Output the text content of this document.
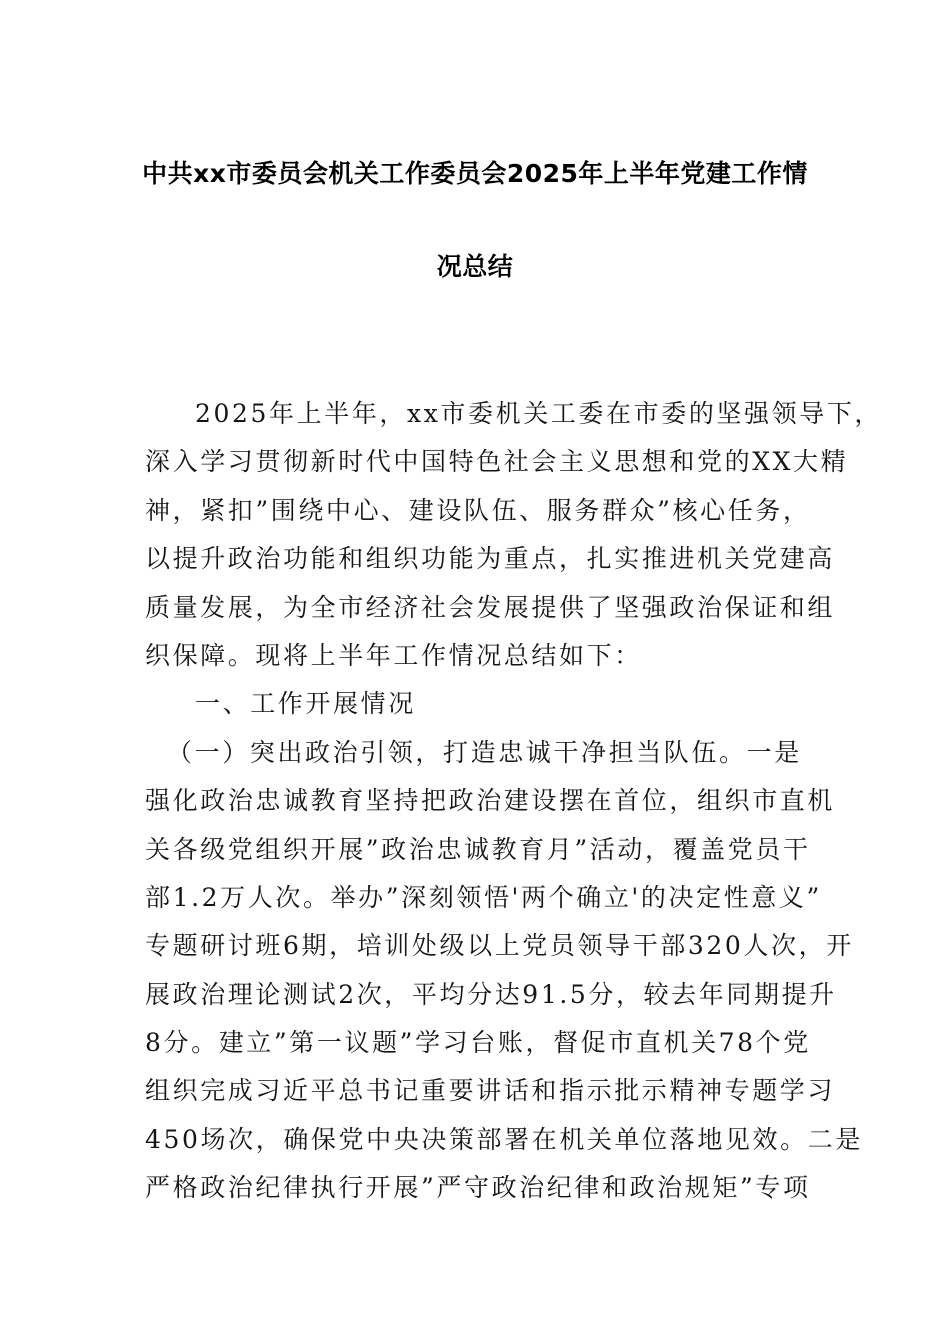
中共xx市委员会机关工作委员会2025年上半年党建工作情
况总结
2025年上半年，xx市委机关工委在市委的坚强领导下，
深入学习贯彻新时代中国特色社会主义思想和党的XX大精
神，紧扣”围绕中心、建设队伍、服务群众”核心任务，
以提升政治功能和组织功能为重点，扎实推进机关党建高
质量发展，为全市经济社会发展提供了坚强政治保证和组
织保障。现将上半年工作情况总结如下：
一、工作开展情况
（一）突出政治引领，打造忠诚干净担当队伍。一是
强化政治忠诚教育坚持把政治建设摆在首位，组织市直机
关各级党组织开展”政治忠诚教育月”活动，覆盖党员干
部1.2万人次。举办”深刻领悟'两个确立'的决定性意义”
专题研讨班6期，培训处级以上党员领导干部320人次，开
展政治理论测试2次，平均分达91.5分，较去年同期提升
8分。建立”第一议题”学习台账，督促市直机关78个党
组织完成习近平总书记重要讲话和指示批示精神专题学习
450场次，确保党中央决策部署在机关单位落地见效。二是
严格政治纪律执行开展”严守政治纪律和政治规矩”专项
